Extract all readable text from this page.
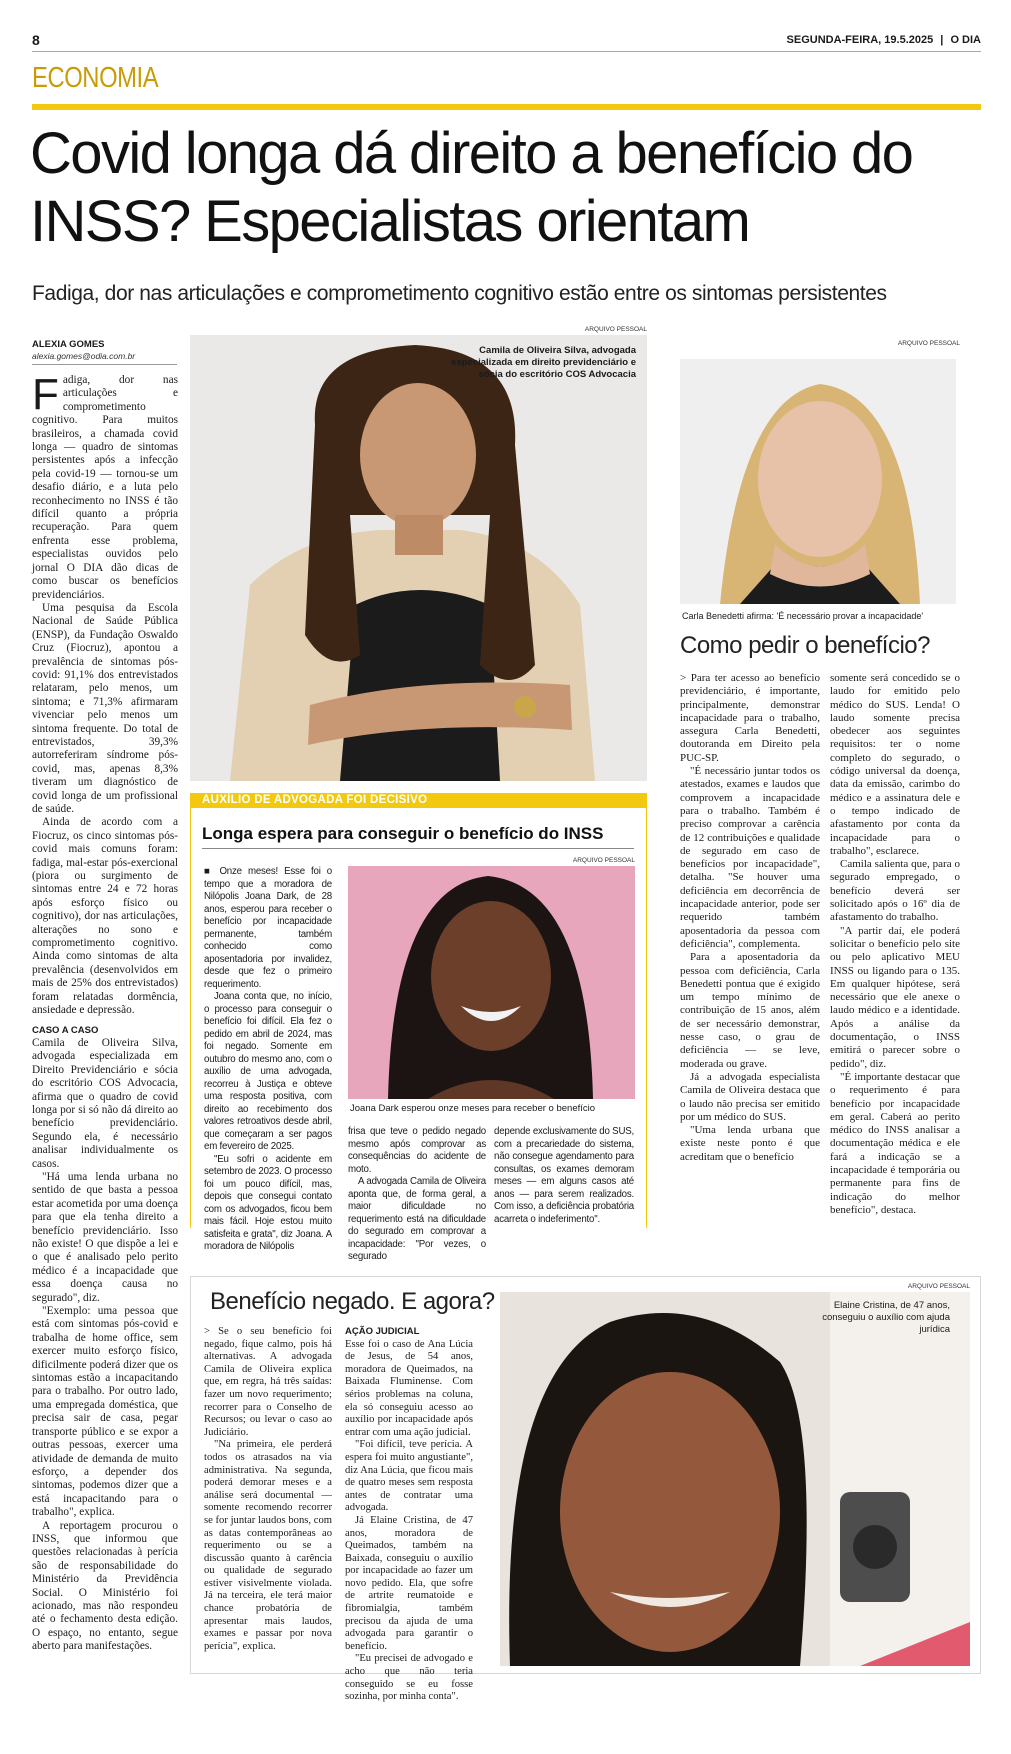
8	SEGUNDA-FEIRA, 19.5.2025 | O DIA
ECONOMIA
Covid longa dá direito a benefício do INSS? Especialistas orientam
Fadiga, dor nas articulações e comprometimento cognitivo estão entre os sintomas persistentes
ALEXIA GOMES
alexia.gomes@odia.com.br

Fadiga, dor nas articulações e comprometimento cognitivo. Para muitos brasileiros, a chamada covid longa — quadro de sintomas persistentes após a infecção pela covid-19 — tornou-se um desafio diário, e a luta pelo reconhecimento no INSS é tão difícil quanto a própria recuperação. Para quem enfrenta esse problema, especialistas ouvidos pelo jornal O DIA dão dicas de como buscar os benefícios previdenciários.

Uma pesquisa da Escola Nacional de Saúde Pública (ENSP), da Fundação Oswaldo Cruz (Fiocruz), apontou a prevalência de sintomas pós-covid: 91,1% dos entrevistados relataram, pelo menos, um sintoma; e 71,3% afirmaram vivenciar pelo menos um sintoma frequente. Do total de entrevistados, 39,3% autorreferiram síndrome pós-covid, mas, apenas 8,3% tiveram um diagnóstico de covid longa de um profissional de saúde.

Ainda de acordo com a Fiocruz, os cinco sintomas pós-covid mais comuns foram: fadiga, mal-estar pós-exercional (piora ou surgimento de sintomas entre 24 e 72 horas após esforço físico ou cognitivo), dor nas articulações, alterações no sono e comprometimento cognitivo. Ainda como sintomas de alta prevalência (desenvolvidos em mais de 25% dos entrevistados) foram relatadas dormência, ansiedade e depressão.

CASO A CASO

Camila de Oliveira Silva, advogada especializada em Direito Previdenciário e sócia do escritório COS Advocacia, afirma que o quadro de covid longa por si só não dá direito ao benefício previdenciário. Segundo ela, é necessário analisar individualmente os casos.

"Há uma lenda urbana no sentido de que basta a pessoa estar acometida por uma doença para que ela tenha direito a benefício previdenciário. Isso não existe! O que dispõe a lei e o que é analisado pelo perito médico é a incapacidade que essa doença causa no segurado", diz.

"Exemplo: uma pessoa que está com sintomas pós-covid e trabalha de home office, sem exercer muito esforço físico, dificilmente poderá dizer que os sintomas estão a incapacitando para o trabalho. Por outro lado, uma empregada doméstica, que precisa sair de casa, pegar transporte público e se expor a outras pessoas, exercer uma atividade de demanda de muito esforço, a depender dos sintomas, podemos dizer que a está incapacitando para o trabalho", explica.

A reportagem procurou o INSS, que informou que questões relacionadas à perícia são de responsabilidade do Ministério da Previdência Social. O Ministério foi acionado, mas não respondeu até o fechamento desta edição. O espaço, no entanto, segue aberto para manifestações.

ARQUIVO PESSOAL
Camila de Oliveira Silva, advogada especializada em direito previdenciário e sócia do escritório COS Advocacia
ARQUIVO PESSOAL
Carla Benedetti afirma: 'É necessário provar a incapacidade'
AUXÍLIO DE ADVOGADA FOI DECISIVO
Longa espera para conseguir o benefício do INSS

■ Onze meses! Esse foi o tempo que a moradora de Nilópolis Joana Dark, de 28 anos, esperou para receber o benefício por incapacidade permanente, também conhecido como aposentadoria por invalidez, desde que fez o primeiro requerimento.

Joana conta que, no início, o processo para conseguir o benefício foi difícil. Ela fez o pedido em abril de 2024, mas foi negado. Somente em outubro do mesmo ano, com o auxílio de uma advogada, recorreu à Justiça e obteve uma resposta positiva, com direito ao recebimento dos valores retroativos desde abril, que começaram a ser pagos em fevereiro de 2025.

"Eu sofri o acidente em setembro de 2023. O processo foi um pouco difícil, mas, depois que consegui contato com os advogados, ficou bem mais fácil. Hoje estou muito satisfeita e grata", diz Joana. A moradora de Nilópolis

ARQUIVO PESSOAL
Joana Dark esperou onze meses para receber o benefício

frisa que teve o pedido negado mesmo após comprovar as consequências do acidente de moto.

A advogada Camila de Oliveira aponta que, de forma geral, a maior dificuldade no requerimento está na dificuldade do segurado em comprovar a incapacidade: "Por vezes, o segurado

depende exclusivamente do SUS, com a precariedade do sistema, não consegue agendamento para consultas, os exames demoram meses — em alguns casos até anos — para serem realizados. Com isso, a deficiência probatória acarreta o indeferimento".

Como pedir o benefício?

> Para ter acesso ao benefício previdenciário, é importante, principalmente, demonstrar incapacidade para o trabalho, assegura Carla Benedetti, doutoranda em Direito pela PUC-SP.

"É necessário juntar todos os atestados, exames e laudos que comprovem a incapacidade para o trabalho. Também é preciso comprovar a carência de 12 contribuições e qualidade de segurado em caso de benefícios por incapacidade", detalha. "Se houver uma deficiência em decorrência de incapacidade anterior, pode ser requerido também aposentadoria da pessoa com deficiência", complementa.

Para a aposentadoria da pessoa com deficiência, Carla Benedetti pontua que é exigido um tempo mínimo de contribuição de 15 anos, além de ser necessário demonstrar, nesse caso, o grau de deficiência — se leve, moderada ou grave.

Já a advogada especialista Camila de Oliveira destaca que o laudo não precisa ser emitido por um médico do SUS.

"Uma lenda urbana que existe neste ponto é que acreditam que o benefício

somente será concedido se o laudo for emitido pelo médico do SUS. Lenda! O laudo somente precisa obedecer aos seguintes requisitos: ter o nome completo do segurado, o código universal da doença, data da emissão, carimbo do médico e a assinatura dele e o tempo indicado de afastamento por conta da incapacidade para o trabalho", esclarece.

Camila salienta que, para o segurado empregado, o benefício deverá ser solicitado após o 16º dia de afastamento do trabalho.

"A partir daí, ele poderá solicitar o benefício pelo site ou pelo aplicativo MEU INSS ou ligando para o 135. Em qualquer hipótese, será necessário que ele anexe o laudo médico e a identidade. Após a análise da documentação, o INSS emitirá o parecer sobre o pedido", diz.

"É importante destacar que o requerimento é para benefício por incapacidade em geral. Caberá ao perito médico do INSS analisar a documentação médica e ele fará a indicação se a incapacidade é temporária ou permanente para fins de indicação do melhor benefício", destaca.

Benefício negado. E agora?

> Se o seu benefício foi negado, fique calmo, pois há alternativas. A advogada Camila de Oliveira explica que, em regra, há três saídas: fazer um novo requerimento; recorrer para o Conselho de Recursos; ou levar o caso ao Judiciário.

"Na primeira, ele perderá todos os atrasados na via administrativa. Na segunda, poderá demorar meses e a análise será documental — somente recomendo recorrer se for juntar laudos bons, com as datas contemporâneas ao requerimento ou se a discussão quanto à carência ou qualidade de segurado estiver visivelmente violada. Já na terceira, ele terá maior chance probatória de apresentar mais laudos, exames e passar por nova perícia", explica.

AÇÃO JUDICIAL

Esse foi o caso de Ana Lúcia de Jesus, de 54 anos, moradora de Queimados, na Baixada Fluminense. Com sérios problemas na coluna, ela só conseguiu acesso ao auxílio por incapacidade após entrar com uma ação judicial.

"Foi difícil, teve perícia. A espera foi muito angustiante", diz Ana Lúcia, que ficou mais de quatro meses sem resposta antes de contratar uma advogada.

Já Elaine Cristina, de 47 anos, moradora de Queimados, também na Baixada, conseguiu o auxílio por incapacidade ao fazer um novo pedido. Ela, que sofre de artrite reumatoide e fibromialgia, também precisou da ajuda de uma advogada para garantir o benefício.

"Eu precisei de advogado e acho que não teria conseguido se eu fosse sozinha, por minha conta".

ARQUIVO PESSOAL
Elaine Cristina, de 47 anos, conseguiu o auxílio com ajuda jurídica
